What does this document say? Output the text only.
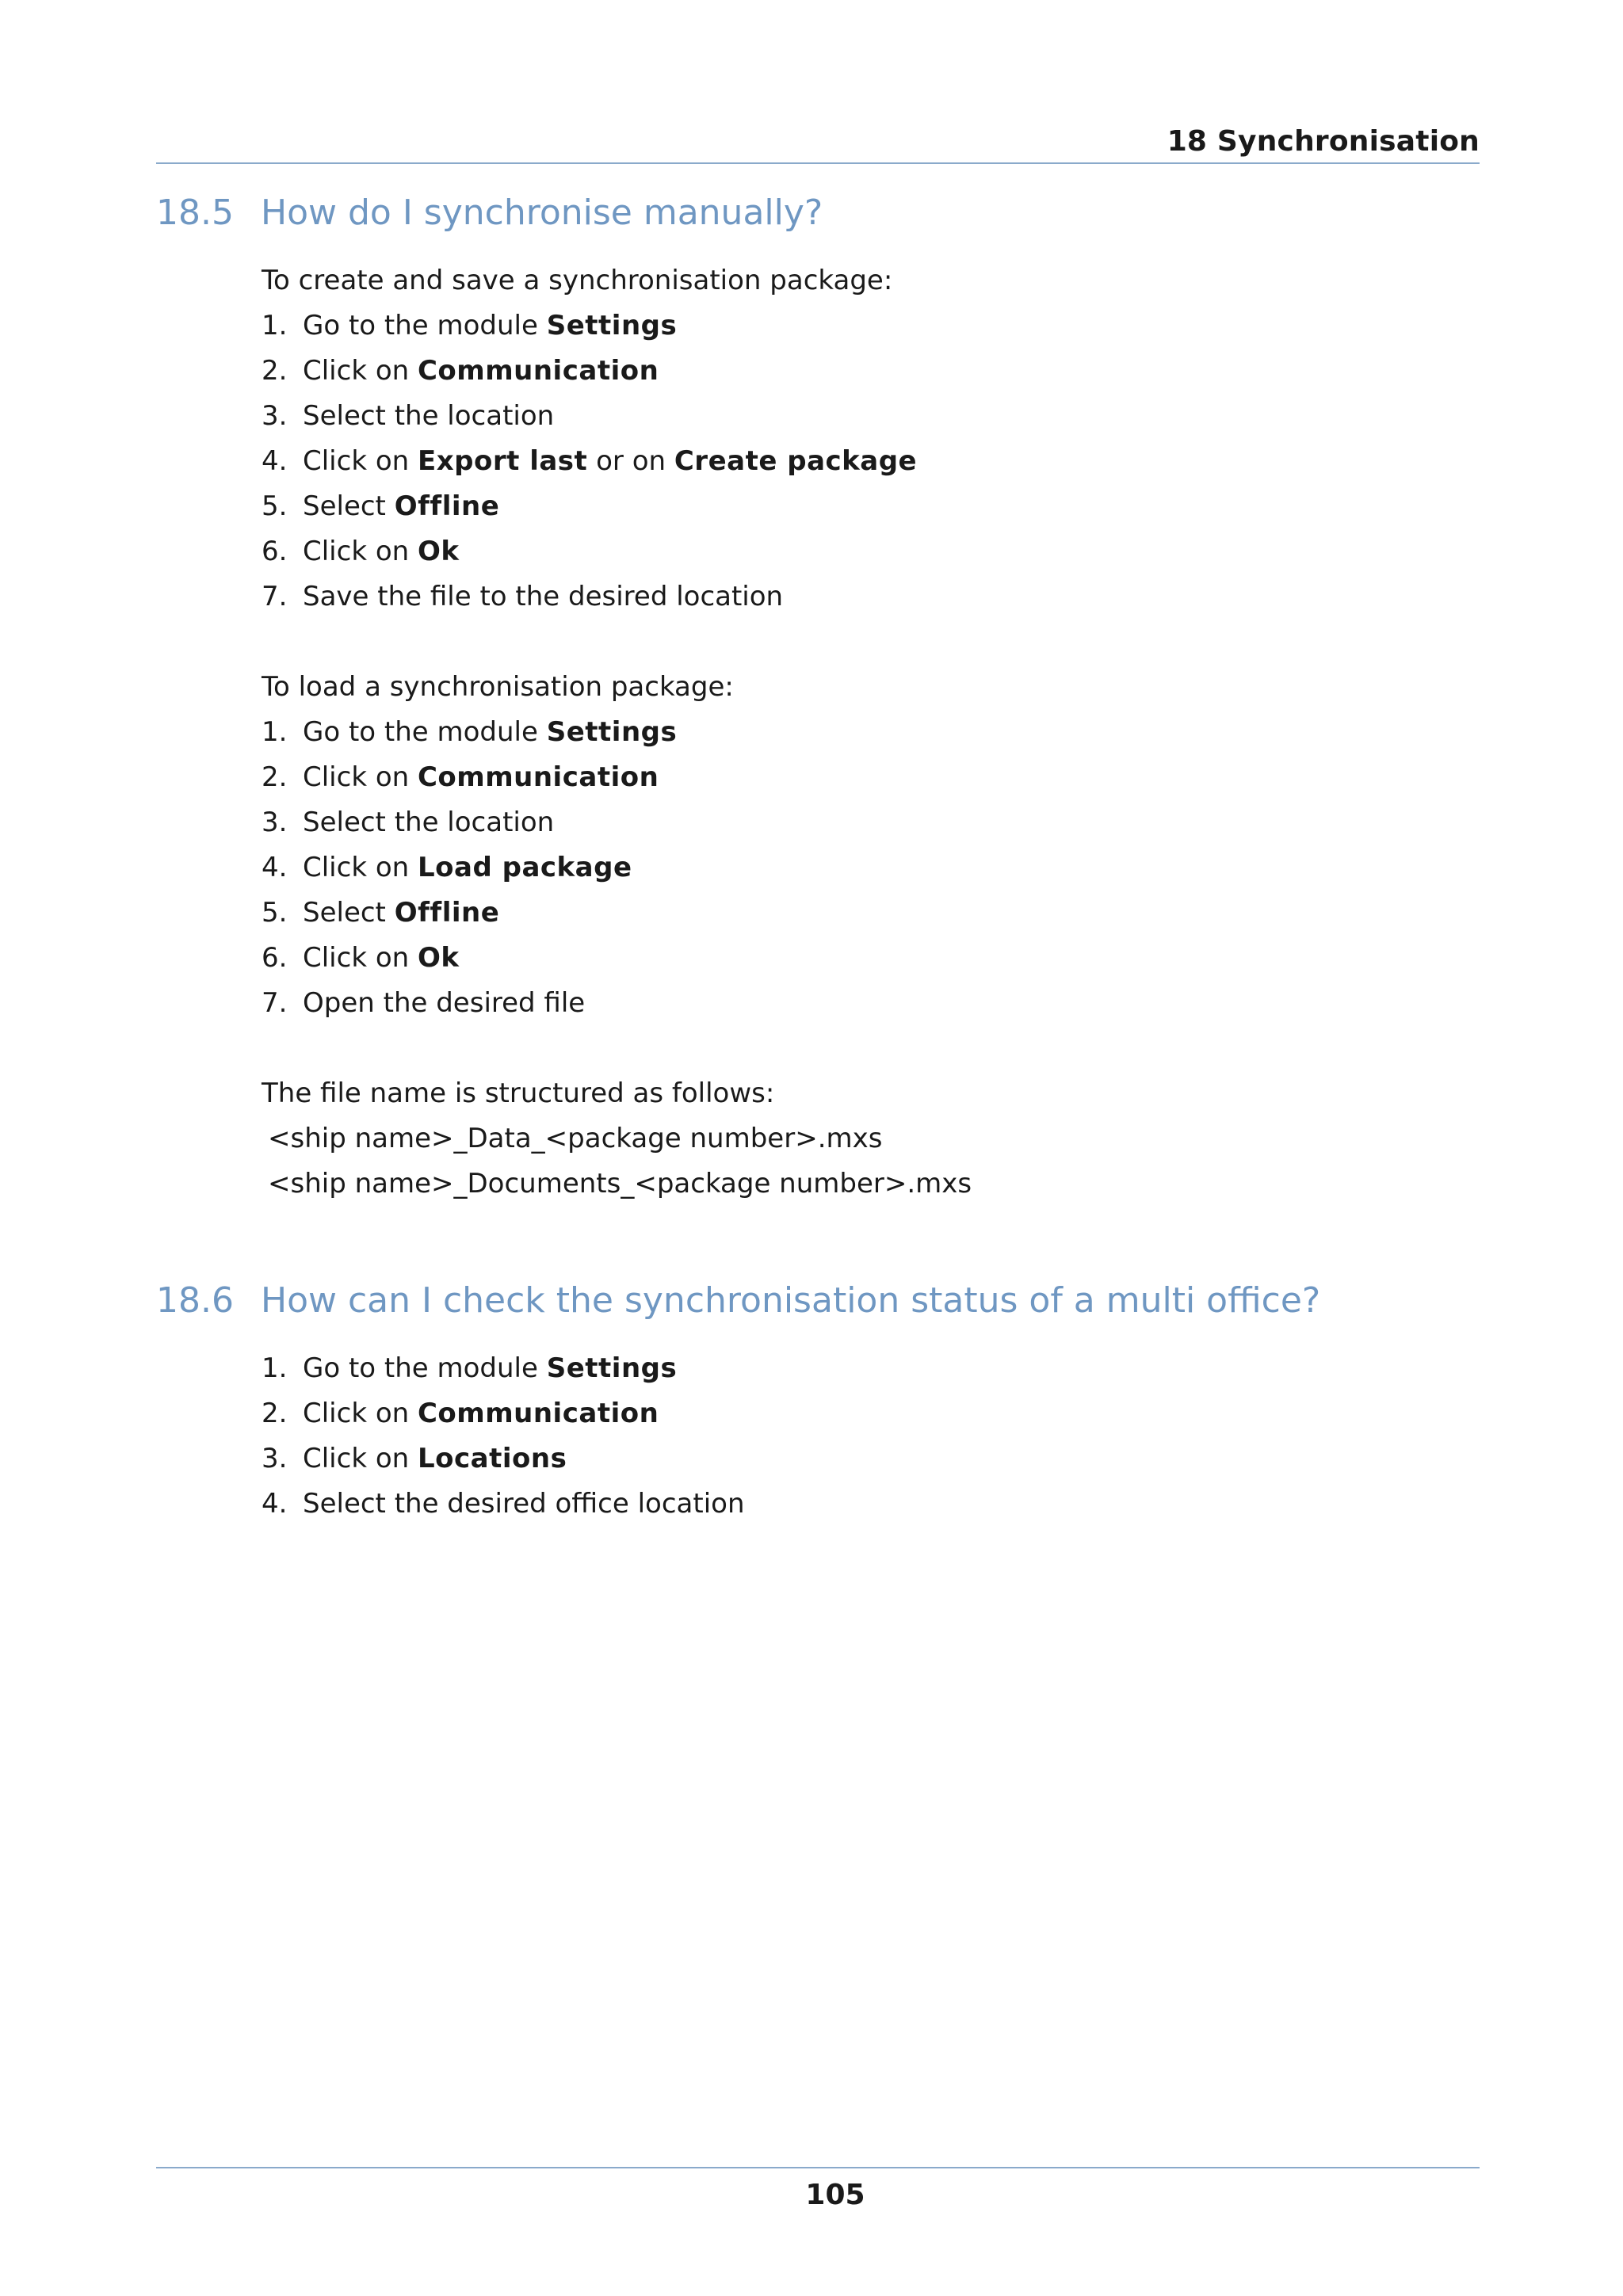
18 Synchronisation
18.5 How do I synchronise manually?
To create and save a synchronisation package:
1. Go to the module Settings
2. Click on Communication
3. Select the location
4. Click on Export last or on Create package
5. Select Offline
6. Click on Ok
7. Save the file to the desired location
To load a synchronisation package:
1. Go to the module Settings
2. Click on Communication
3. Select the location
4. Click on Load package
5. Select Offline
6. Click on Ok
7. Open the desired file
The file name is structured as follows:
<ship name>_Data_<package number>.mxs
<ship name>_Documents_<package number>.mxs
18.6 How can I check the synchronisation status of a multi office?
1. Go to the module Settings
2. Click on Communication
3. Click on Locations
4. Select the desired office location
105
